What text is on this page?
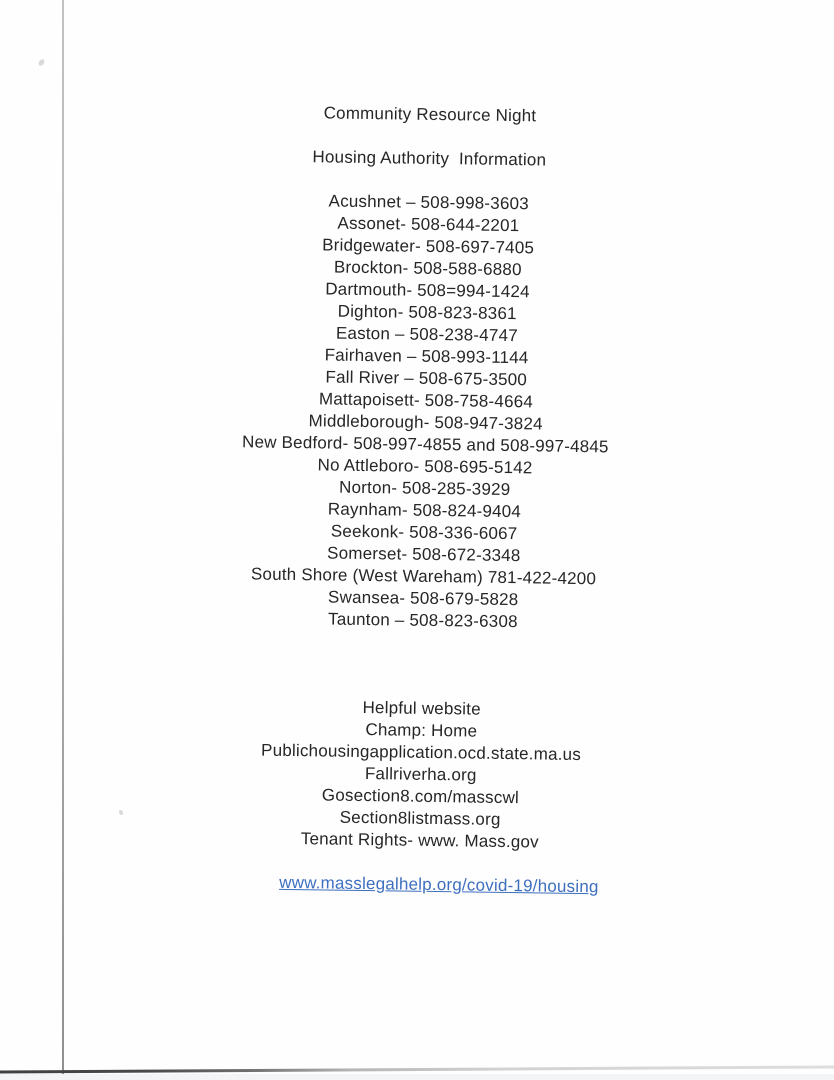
Community Resource Night
Housing Authority  Information
Acushnet – 508-998-3603
Assonet- 508-644-2201
Bridgewater- 508-697-7405
Brockton- 508-588-6880
Dartmouth- 508=994-1424
Dighton- 508-823-8361
Easton – 508-238-4747
Fairhaven – 508-993-1144
Fall River – 508-675-3500
Mattapoisett- 508-758-4664
Middleborough- 508-947-3824
New Bedford- 508-997-4855 and 508-997-4845
No Attleboro- 508-695-5142
Norton- 508-285-3929
Raynham- 508-824-9404
Seekonk- 508-336-6067
Somerset- 508-672-3348
South Shore (West Wareham) 781-422-4200
Swansea- 508-679-5828
Taunton – 508-823-6308
Helpful website
Champ: Home
Publichousingapplication.ocd.state.ma.us
Fallriverha.org
Gosection8.com/masscwl
Section8listmass.org
Tenant Rights- www. Mass.gov

www.masslegalhelp.org/covid-19/housing
